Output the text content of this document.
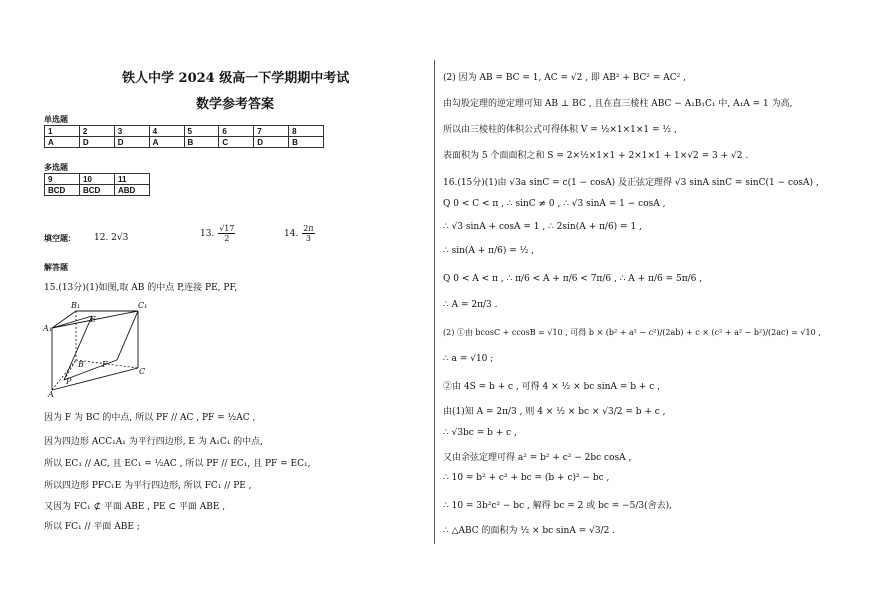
铁人中学 2024 级高一下学期期中考试
数学参考答案
单选题
1	2	3	4	5	6	7	8
A	D	D	A	B	C	D	B
多选题
9	10	11
BCD	BCD	ABD
填空题:	12. 2√3	13. $\frac{√17}{2}$	14. $\frac{2\pi}{3}$
解答题
15.(13分)(1)如图,取 AB 的中点 P,连接 PE, PF,
B₁	C₁
A₁
E
B F
C
P
A
因为 F 为 BC 的中点, 所以 PF // AC , PF = ½AC ,
因为四边形 ACC₁A₁ 为平行四边形, E 为 A₁C₁ 的中点,
所以 EC₁ // AC, 且 EC₁ = ½AC , 所以 PF // EC₁, 且 PF = EC₁,
所以四边形 PFC₁E 为平行四边形, 所以 FC₁ // PE ,
又因为 FC₁ ⊄ 平面 ABE , PE ⊂ 平面 ABE ,
所以 FC₁ // 平面 ABE ;
(2) 因为 AB = BC = 1, AC = √2 , 即 AB² + BC² = AC² ,
由勾股定理的逆定理可知 AB ⊥ BC , 且在直三棱柱 ABC − A₁B₁C₁ 中, A₁A = 1 为高,
所以由三棱柱的体积公式可得体积 V = ½×1×1×1 = ½ ,
表面积为 5 个面面积之和 S = 2×½×1×1 + 2×1×1 + 1×√2 = 3 + √2 .
16.(15分)(1)由 √3a sinC = c(1 − cosA) 及正弦定理得 √3 sinA sinC = sinC(1 − cosA) ,
Q 0 < C < π , ∴ sinC ≠ 0 , ∴ √3 sinA = 1 − cosA ,
∴ √3 sinA + cosA = 1 , ∴ 2sin(A + π/6) = 1 ,
∴ sin(A + π/6) = ½ ,
Q 0 < A < π , ∴ π/6 < A + π/6 < 7π/6 , ∴ A + π/6 = 5π/6 ,
∴ A = 2π/3 .
(2) ①由 bcosC + ccosB = √10 , 可得 b × (b² + a² − c²)/(2ab) + c × (c² + a² − b²)/(2ac) = √10 ,
∴ a = √10 ;
②由 4S = b + c , 可得 4 × ½ × bc sinA = b + c ,
由(1)知 A = 2π/3 , 则 4 × ½ × bc × √3/2 = b + c ,
∴ √3bc = b + c ,
又由余弦定理可得 a² = b² + c² − 2bc cosA ,
∴ 10 = b² + c² + bc = (b + c)² − bc ,
∴ 10 = 3b²c² − bc , 解得 bc = 2 或 bc = −5/3(舍去),
∴ △ABC 的面积为 ½ × bc sinA = √3/2 .
